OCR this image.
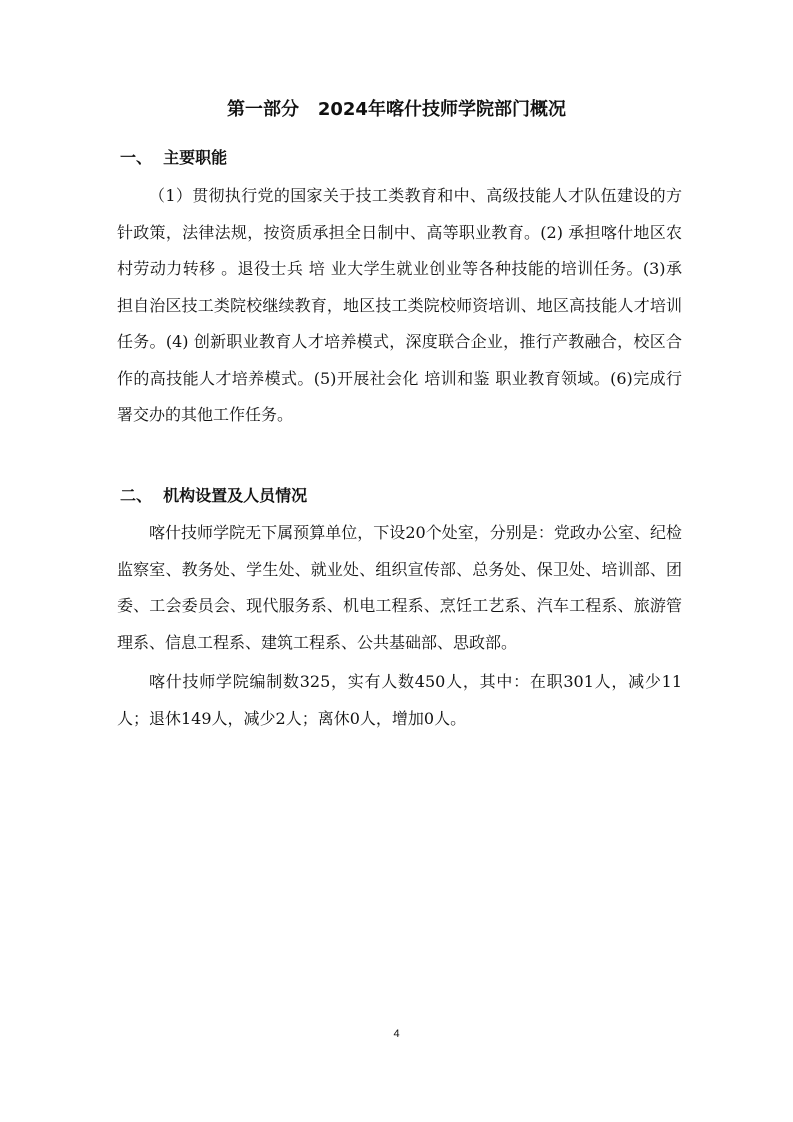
第一部分   2024年喀什技师学院部门概况
一、  主要职能

（1）贯彻执行党的国家关于技工类教育和中、高级技能人才队伍建设的方针政策，法律法规，按资质承担全日制中、高等职业教育。(2) 承担喀什地区农村劳动力转移 。退役士兵 培 业大学生就业创业等各种技能的培训任务。(3)承担自治区技工类院校继续教育，地区技工类院校师资培训、地区高技能人才培训任务。(4) 创新职业教育人才培养模式，深度联合企业，推行产教融合，校区合作的高技能人才培养模式。(5)开展社会化 培训和鉴 职业教育领域。(6)完成行署交办的其他工作任务。

二、  机构设置及人员情况

喀什技师学院无下属预算单位，下设20个处室，分别是：党政办公室、纪检监察室、教务处、学生处、就业处、组织宣传部、总务处、保卫处、培训部、团委、工会委员会、现代服务系、机电工程系、烹饪工艺系、汽车工程系、旅游管理系、信息工程系、建筑工程系、公共基础部、思政部。

喀什技师学院编制数325，实有人数450人，其中：在职301人，减少11人；退休149人，减少2人；离休0人，增加0人。

4
